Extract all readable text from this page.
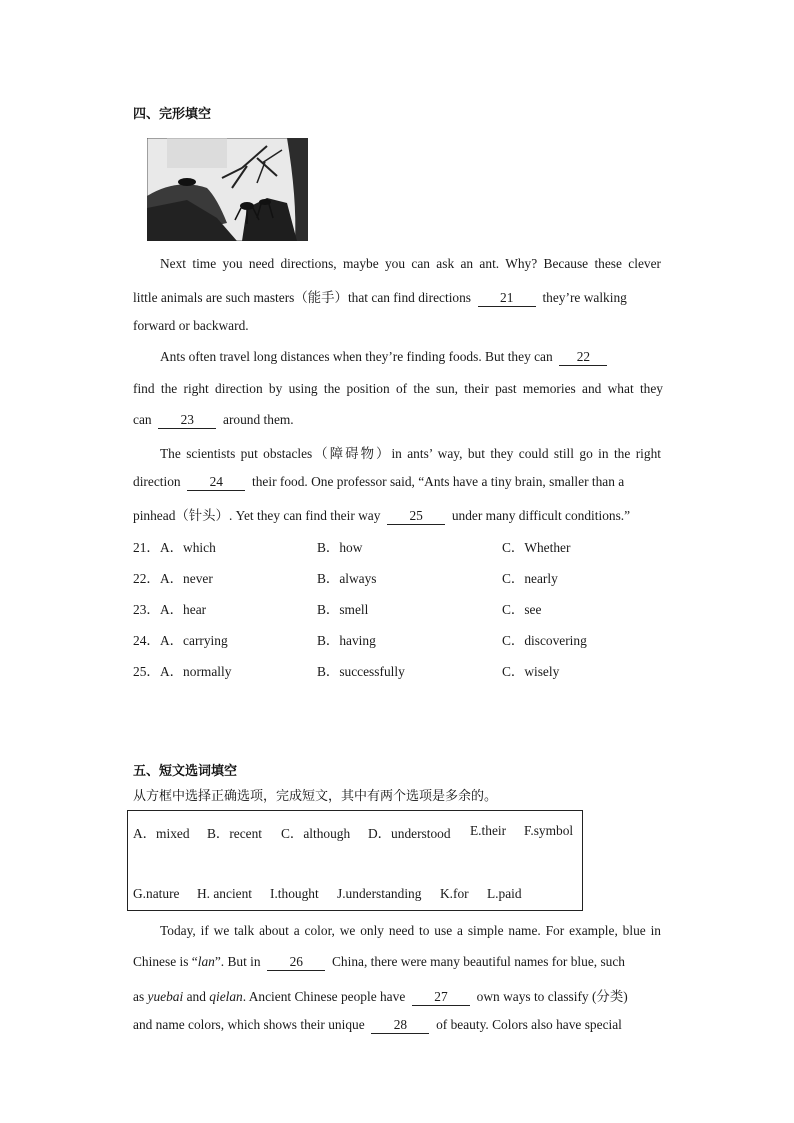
四、完形填空
Next time you need directions, maybe you can ask an ant. Why? Because these clever
little animals are such masters（能手）that can find directions 21 they’re walking
forward or backward.
Ants often travel long distances when they’re finding foods. But they can 22
find the right direction by using the position of the sun, their past memories and what they
can 23 around them.
The scientists put obstacles（障碍物）in ants’ way, but they could still go in the right
direction 24 their food. One professor said, “Ants have a tiny brain, smaller than a
pinhead（针头）. Yet they can find their way 25 under many difficult conditions.”
21． A．which	B．how	C．Whether
22． A．never	B．always	C．nearly
23． A．hear	B．smell	C．see
24． A．carrying	B．having	C．discovering
25． A．normally	B．successfully	C．wisely
五、短文选词填空
从方框中选择正确选项，完成短文，其中有两个选项是多余的。
A．mixed B．recent C．although D．understood E.their F.symbol
G.nature H. ancient I.thought J.understanding K.for L.paid
Today, if we talk about a color, we only need to use a simple name. For example, blue in
Chinese is “lan”. But in 26 China, there were many beautiful names for blue, such
as yuebai and qielan. Ancient Chinese people have 27 own ways to classify (分类)
and name colors, which shows their unique 28 of beauty. Colors also have special
